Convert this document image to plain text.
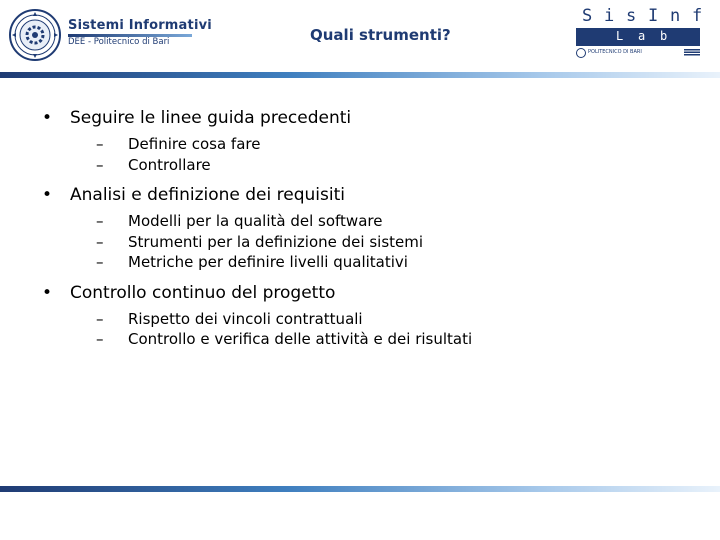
Sistemi Informativi
DEE - Politecnico di Bari	Quali strumenti?
S i s I n f
L a b
POLITECNICO DI BARI
• Seguire le linee guida precedenti
– Definire cosa fare
– Controllare
• Analisi e definizione dei requisiti
– Modelli per la qualità del software
– Strumenti per la definizione dei sistemi
– Metriche per definire livelli qualitativi
• Controllo continuo del progetto
– Rispetto dei vincoli contrattuali
– Controllo e verifica delle attività e dei risultati
